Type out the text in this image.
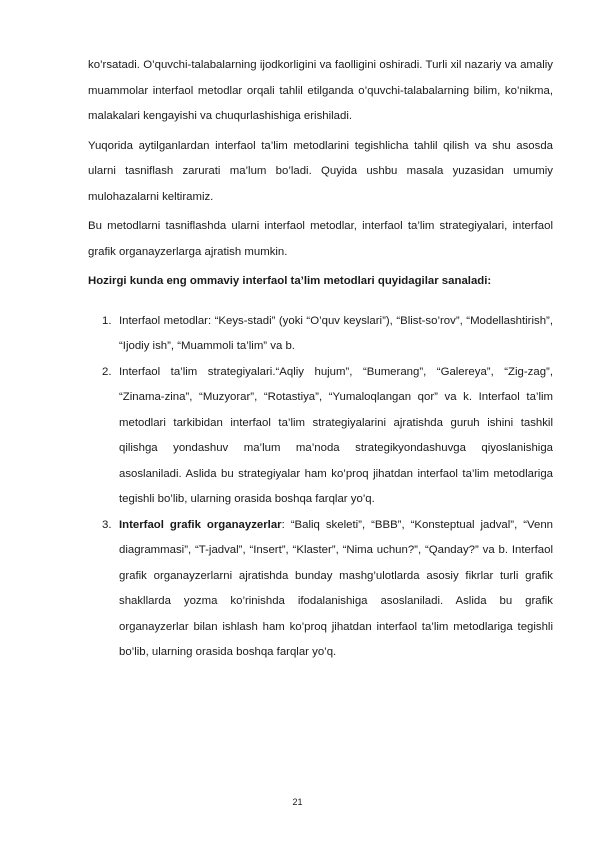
ko’rsatadi. O’quvchi-talabalarning ijodkorligini va faolligini oshiradi. Turli xil nazariy va amaliy muammolar interfaol metodlar orqali tahlil etilganda o’quvchi-talabalarning bilim, ko’nikma, malakalari kengayishi va chuqurlashishiga erishiladi.

Yuqorida aytilganlardan interfaol ta’lim metodlarini tegishlicha tahlil qilish va shu asosda ularni tasniflash zarurati ma’lum bo’ladi. Quyida ushbu masala yuzasidan umumiy mulohazalarni keltiramiz.

Bu metodlarni tasniflashda ularni interfaol metodlar, interfaol ta’lim strategiyalari, interfaol grafik organayzerlarga ajratish mumkin.

Hozirgi kunda eng ommaviy interfaol ta’lim metodlari quyidagilar sanaladi:

1. Interfaol metodlar: “Keys-stadi” (yoki “O’quv keyslari”), “Blist-so’rov”, “Modellashtirish”, “Ijodiy ish”, “Muammoli ta’lim” va b.
2. Interfaol ta’lim strategiyalari.“Aqliy hujum”, “Bumerang”, “Galereya”, “Zig-zag”, “Zinama-zina”, “Muzyorar”, “Rotastiya”, “Yumaloqlangan qor” va k. Interfaol ta’lim metodlari tarkibidan interfaol ta’lim strategiyalarini ajratishda guruh ishini tashkil qilishga yondashuv ma’lum ma’noda strategikyondashuvga qiyoslanishiga asoslaniladi. Aslida bu strategiyalar ham ko’proq jihatdan interfaol ta’lim metodlariga tegishli bo’lib, ularning orasida boshqa farqlar yo’q.
3. Interfaol grafik organayzerlar: “Baliq skeleti”, “BBB”, “Konsteptual jadval”, “Venn diagrammasi”, “T-jadval”, “Insert”, “Klaster”, “Nima uchun?”, “Qanday?” va b. Interfaol grafik organayzerlarni ajratishda bunday mashg’ulotlarda asosiy fikrlar turli grafik shakllarda yozma ko’rinishda ifodalanishiga asoslaniladi. Aslida bu grafik organayzerlar bilan ishlash ham ko’proq jihatdan interfaol ta’lim metodlariga tegishli bo’lib, ularning orasida boshqa farqlar yo’q.
21
